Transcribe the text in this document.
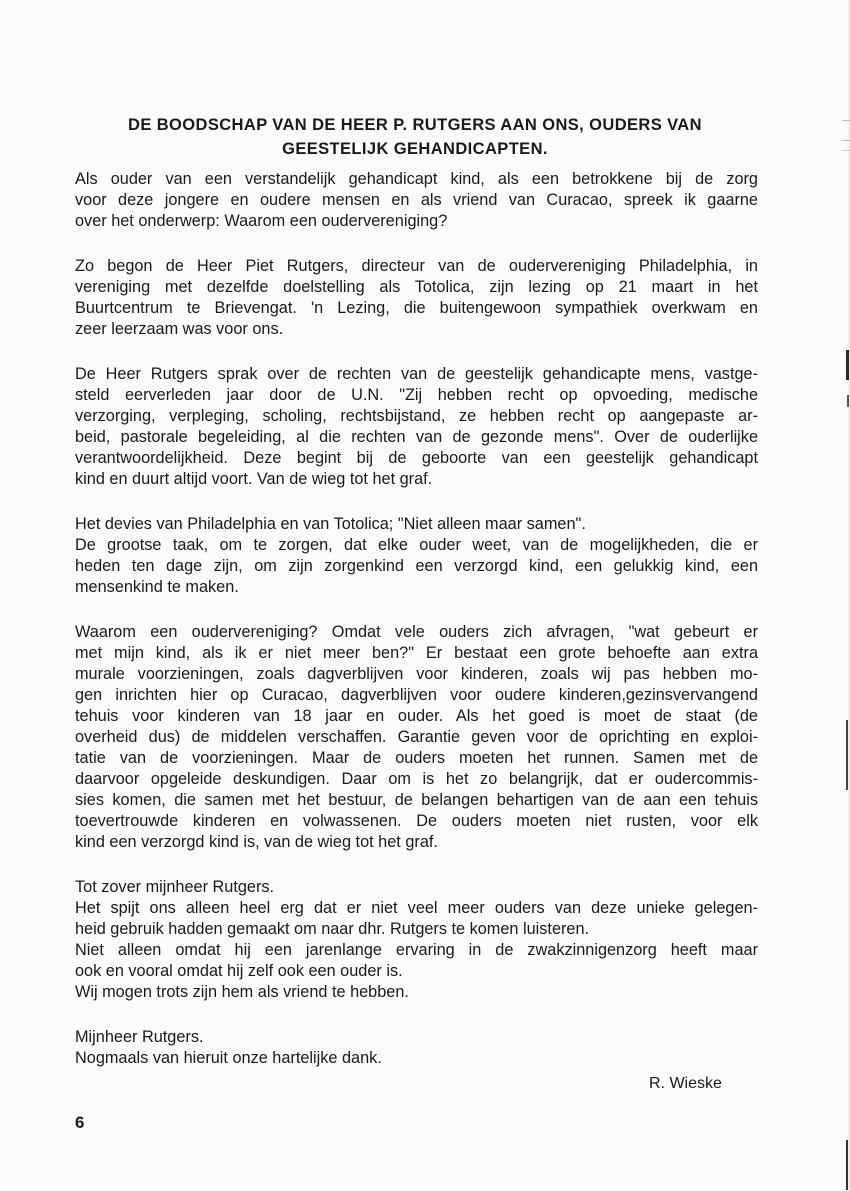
DE BOODSCHAP VAN DE HEER P. RUTGERS AAN ONS, OUDERS VAN
GEESTELIJK GEHANDICAPTEN.
Als ouder van een verstandelijk gehandicapt kind, als een betrokkene bij de zorg
voor deze jongere en oudere mensen en als vriend van Curacao, spreek ik gaarne
over het onderwerp: Waarom een oudervereniging?
Zo begon de Heer Piet Rutgers, directeur van de oudervereniging Philadelphia, in
vereniging met dezelfde doelstelling als Totolica, zijn lezing op 21 maart in het
Buurtcentrum te Brievengat. 'n Lezing, die buitengewoon sympathiek overkwam en
zeer leerzaam was voor ons.
De Heer Rutgers sprak over de rechten van de geestelijk gehandicapte mens, vastge-
steld eerverleden jaar door de U.N. "Zij hebben recht op opvoeding, medische
verzorging, verpleging, scholing, rechtsbijstand, ze hebben recht op aangepaste ar-
beid, pastorale begeleiding, al die rechten van de gezonde mens". Over de ouderlijke
verantwoordelijkheid. Deze begint bij de geboorte van een geestelijk gehandicapt
kind en duurt altijd voort. Van de wieg tot het graf.
Het devies van Philadelphia en van Totolica; "Niet alleen maar samen".
De grootse taak, om te zorgen, dat elke ouder weet, van de mogelijkheden, die er
heden ten dage zijn, om zijn zorgenkind een verzorgd kind, een gelukkig kind, een
mensenkind te maken.
Waarom een oudervereniging? Omdat vele ouders zich afvragen, "wat gebeurt er
met mijn kind, als ik er niet meer ben?" Er bestaat een grote behoefte aan extra
murale voorzieningen, zoals dagverblijven voor kinderen, zoals wij pas hebben mo-
gen inrichten hier op Curacao, dagverblijven voor oudere kinderen,gezinsvervangend
tehuis voor kinderen van 18 jaar en ouder. Als het goed is moet de staat (de
overheid dus) de middelen verschaffen. Garantie geven voor de oprichting en exploi-
tatie van de voorzieningen. Maar de ouders moeten het runnen. Samen met de
daarvoor opgeleide deskundigen. Daar om is het zo belangrijk, dat er oudercommis-
sies komen, die samen met het bestuur, de belangen behartigen van de aan een tehuis
toevertrouwde kinderen en volwassenen. De ouders moeten niet rusten, voor elk
kind een verzorgd kind is, van de wieg tot het graf.
Tot zover mijnheer Rutgers.
Het spijt ons alleen heel erg dat er niet veel meer ouders van deze unieke gelegen-
heid gebruik hadden gemaakt om naar dhr. Rutgers te komen luisteren.
Niet alleen omdat hij een jarenlange ervaring in de zwakzinnigenzorg heeft maar
ook en vooral omdat hij zelf ook een ouder is.
Wij mogen trots zijn hem als vriend te hebben.
Mijnheer Rutgers.
Nogmaals van hieruit onze hartelijke dank.
R. Wieske
6
